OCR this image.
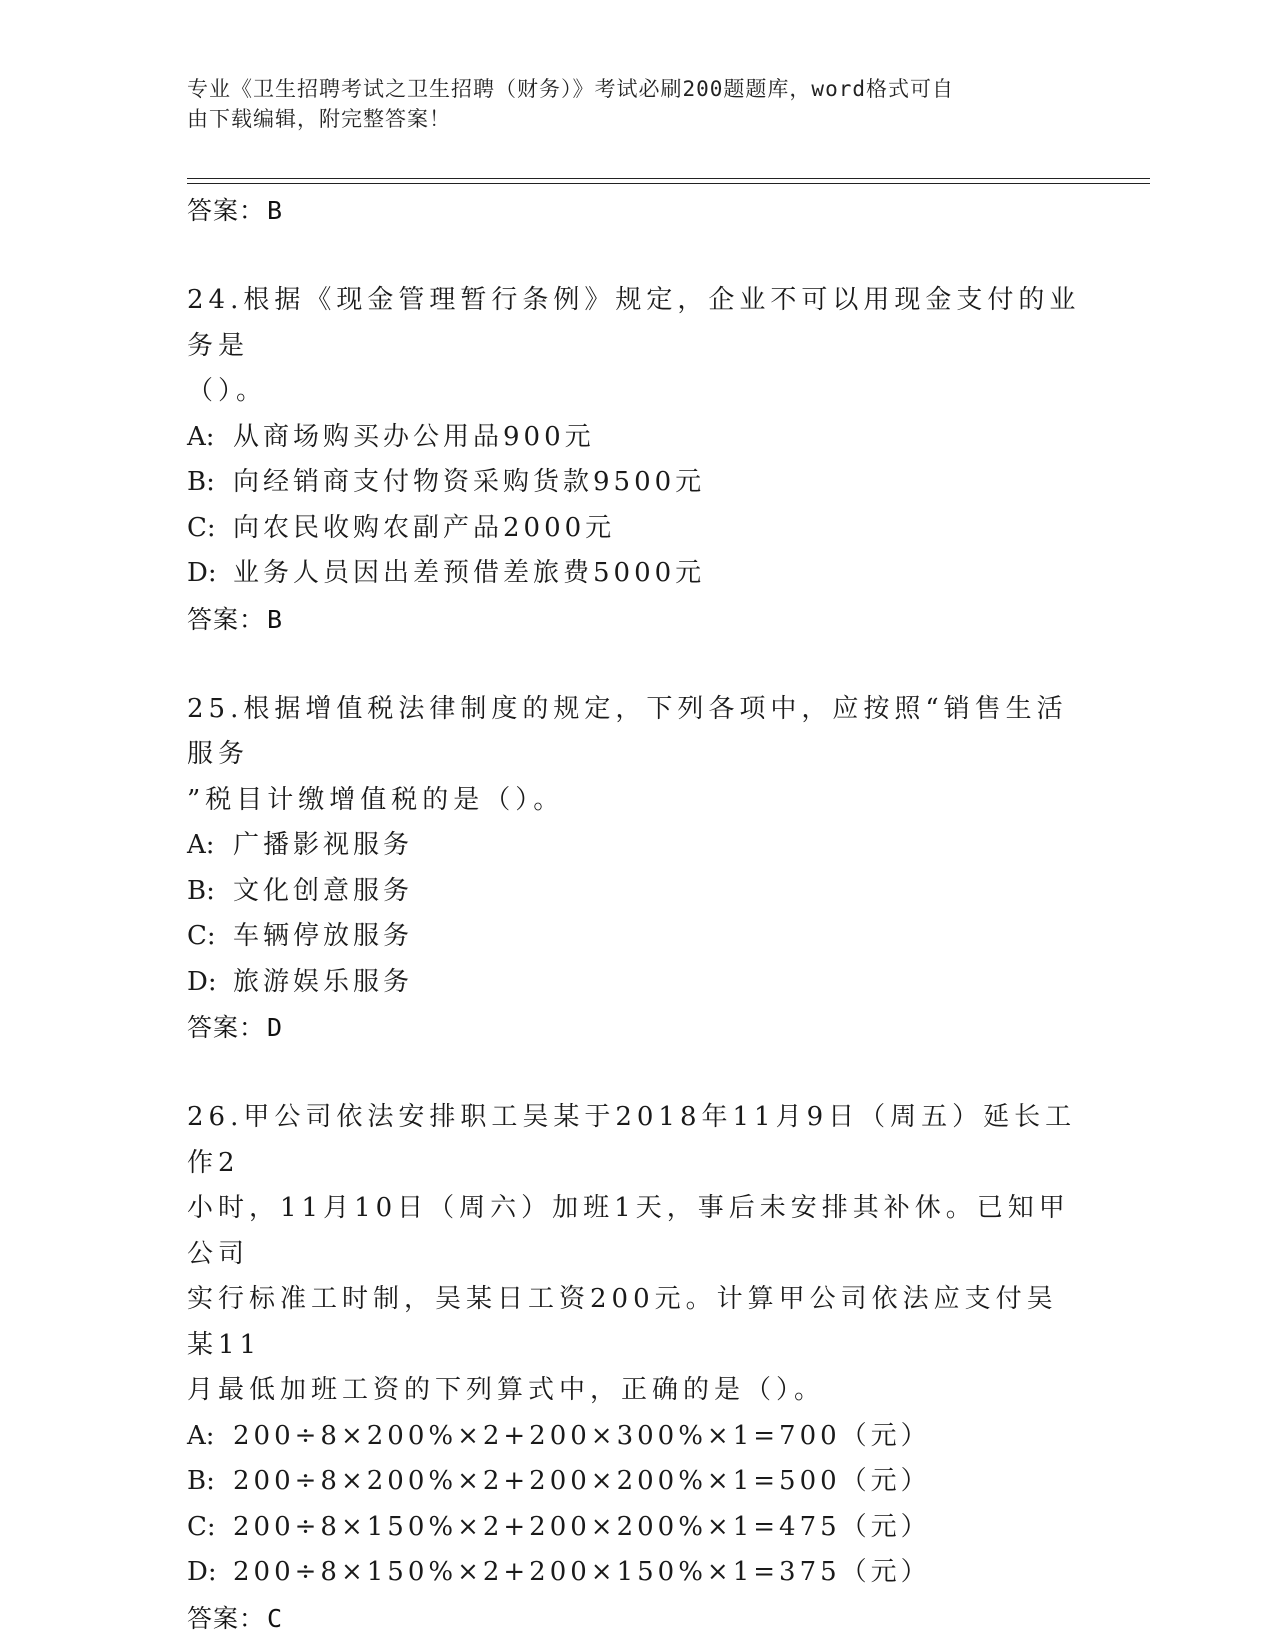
专业《卫生招聘考试之卫生招聘（财务）》考试必刷200题题库，word格式可自
由下载编辑，附完整答案！
答案：B
24.根据《现金管理暂行条例》规定，企业不可以用现金支付的业务是
（）。
A: 从商场购买办公用品900元
B: 向经销商支付物资采购货款9500元
C: 向农民收购农副产品2000元
D: 业务人员因出差预借差旅费5000元
答案：B
25.根据增值税法律制度的规定，下列各项中，应按照“销售生活服务
”税目计缴增值税的是（）。
A: 广播影视服务
B: 文化创意服务
C: 车辆停放服务
D: 旅游娱乐服务
答案：D
26.甲公司依法安排职工吴某于2018年11月9日（周五）延长工作2
小时，11月10日（周六）加班1天，事后未安排其补休。已知甲公司
实行标准工时制，吴某日工资200元。计算甲公司依法应支付吴某11
月最低加班工资的下列算式中，正确的是（）。
A: 200÷8×200%×2+200×300%×1=700（元）
B: 200÷8×200%×2+200×200%×1=500（元）
C: 200÷8×150%×2+200×200%×1=475（元）
D: 200÷8×150%×2+200×150%×1=375（元）
答案：C
